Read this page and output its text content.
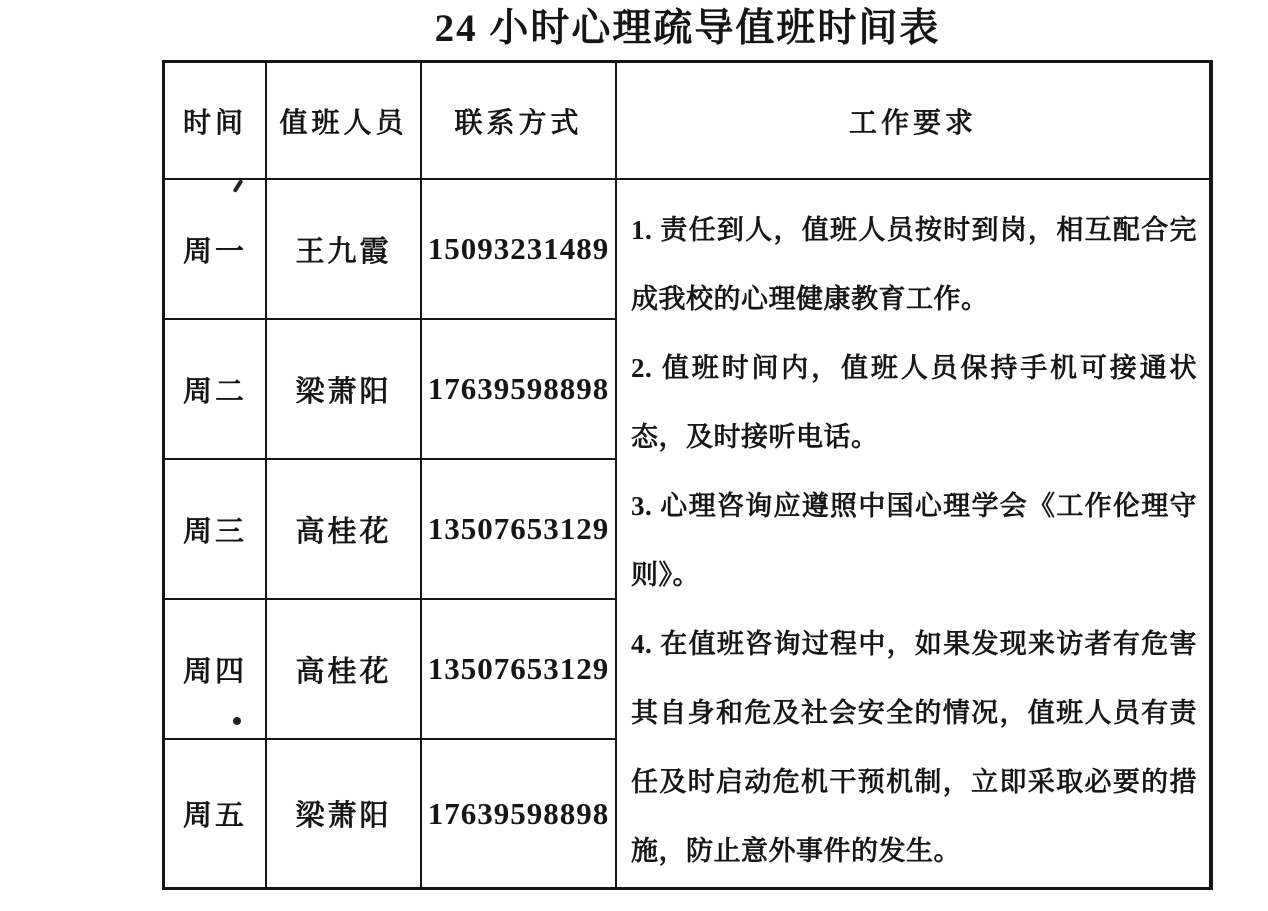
24 小时心理疏导值班时间表
时间	值班人员	联系方式	工作要求
周一	王九霞	15093231489
周二	梁萧阳	17639598898
周三	高桂花	13507653129
周四	高桂花	13507653129
周五	梁萧阳	17639598898

1. 责任到人，值班人员按时到岗，相互配合完成我校的心理健康教育工作。

2. 值班时间内，值班人员保持手机可接通状态，及时接听电话。

3. 心理咨询应遵照中国心理学会《工作伦理守则》。

4. 在值班咨询过程中，如果发现来访者有危害其自身和危及社会安全的情况，值班人员有责任及时启动危机干预机制，立即采取必要的措施，防止意外事件的发生。
